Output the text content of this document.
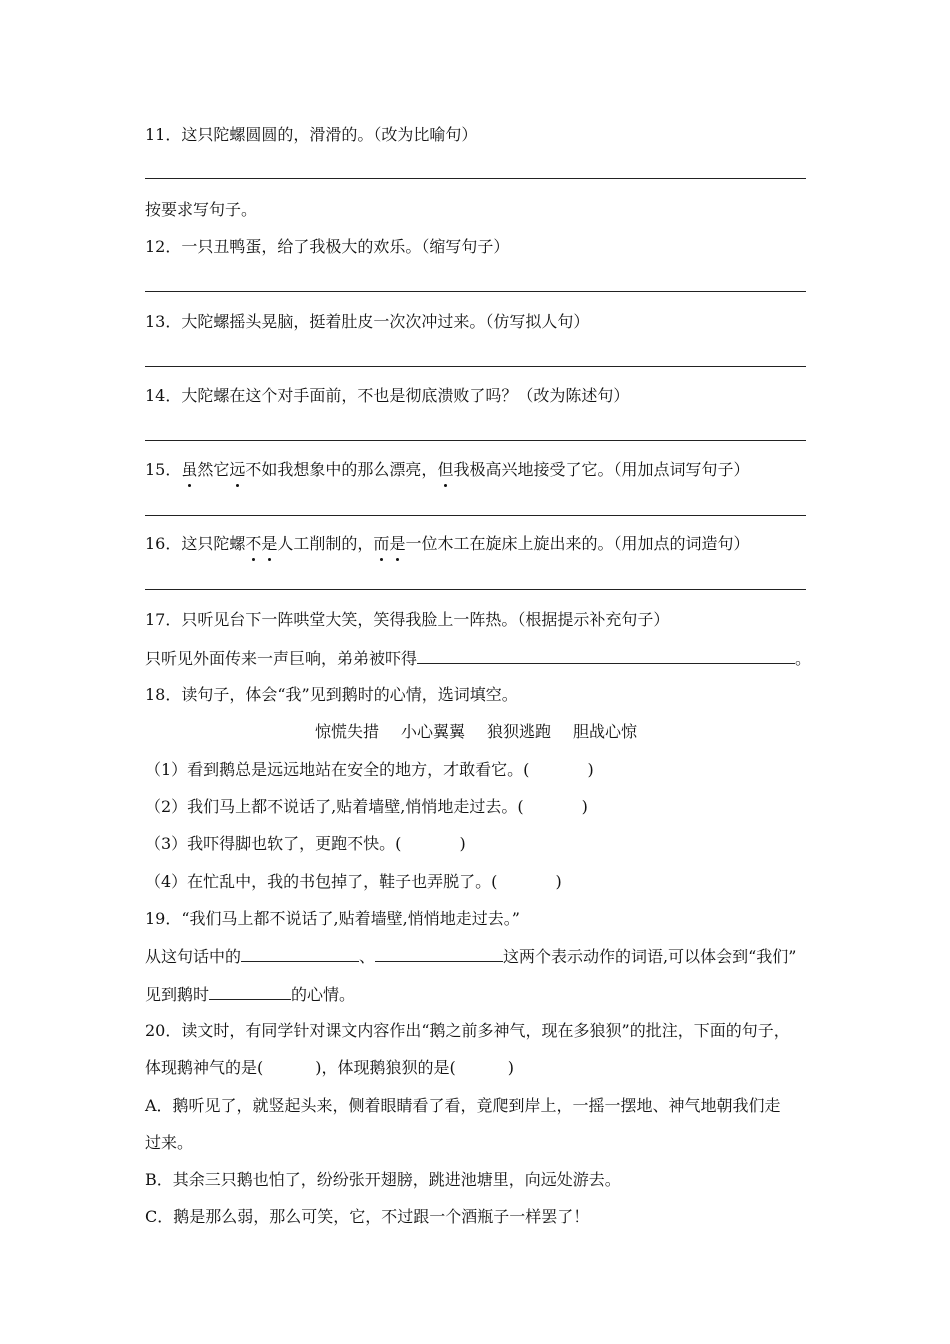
11．这只陀螺圆圆的，滑滑的。（改为比喻句）
按要求写句子。
12．一只丑鸭蛋，给了我极大的欢乐。（缩写句子）
13．大陀螺摇头晃脑，挺着肚皮一次次冲过来。（仿写拟人句）
14．大陀螺在这个对手面前，不也是彻底溃败了吗？（改为陈述句）
15．虽然它远不如我想象中的那么漂亮，但我极高兴地接受了它。（用加点词写句子）
16．这只陀螺不是人工削制的，而是一位木工在旋床上旋出来的。（用加点的词造句）
17．只听见台下一阵哄堂大笑，笑得我脸上一阵热。（根据提示补充句子）
只听见外面传来一声巨响，弟弟被吓得	。
18．读句子，体会“我”见到鹅时的心情，选词填空。
惊慌失措 小心翼翼 狼狈逃跑 胆战心惊
（1）看到鹅总是远远地站在安全的地方，才敢看它。(	)
（2）我们马上都不说话了,贴着墙壁,悄悄地走过去。(	)
（3）我吓得脚也软了，更跑不快。(	)
（4）在忙乱中，我的书包掉了，鞋子也弄脱了。(	)
19．“我们马上都不说话了,贴着墙壁,悄悄地走过去。”
从这句话中的	、	这两个表示动作的词语,可以体会到“我们”
见到鹅时	的心情。
20．读文时，有同学针对课文内容作出“鹅之前多神气，现在多狼狈”的批注，下面的句子，
体现鹅神气的是(	)，体现鹅狼狈的是(	)
A．鹅听见了，就竖起头来，侧着眼睛看了看，竟爬到岸上，一摇一摆地、神气地朝我们走
过来。
B．其余三只鹅也怕了，纷纷张开翅膀，跳进池塘里，向远处游去。
C．鹅是那么弱，那么可笑，它，不过跟一个酒瓶子一样罢了！
